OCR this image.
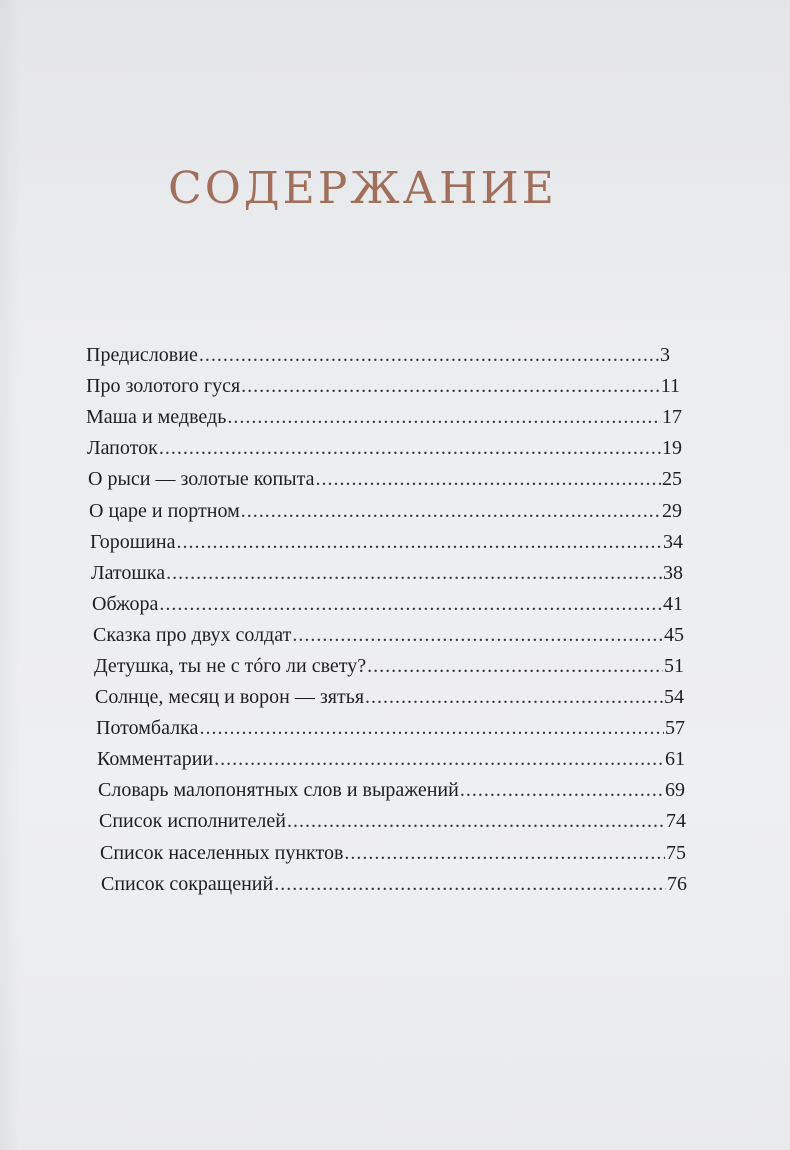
СОДЕРЖАНИЕ
Предисловие .....	3
Про золотого гуся .....	11
Маша и медведь .....	17
Лапоток .....	19
О рыси — золотые копыта .....	25
О царе и портном .....	29
Горошина .....	34
Латошка .....	38
Обжора .....	41
Сказка про двух солдат .....	45
Детушка, ты не с тóго ли свету? .....	51
Солнце, месяц и ворон — зятья .....	54
Потомбалка .....	57
Комментарии .....	61
Словарь малопонятных слов и выражений .....	69
Список исполнителей .....	74
Список населенных пунктов .....	75
Список сокращений .....	76
